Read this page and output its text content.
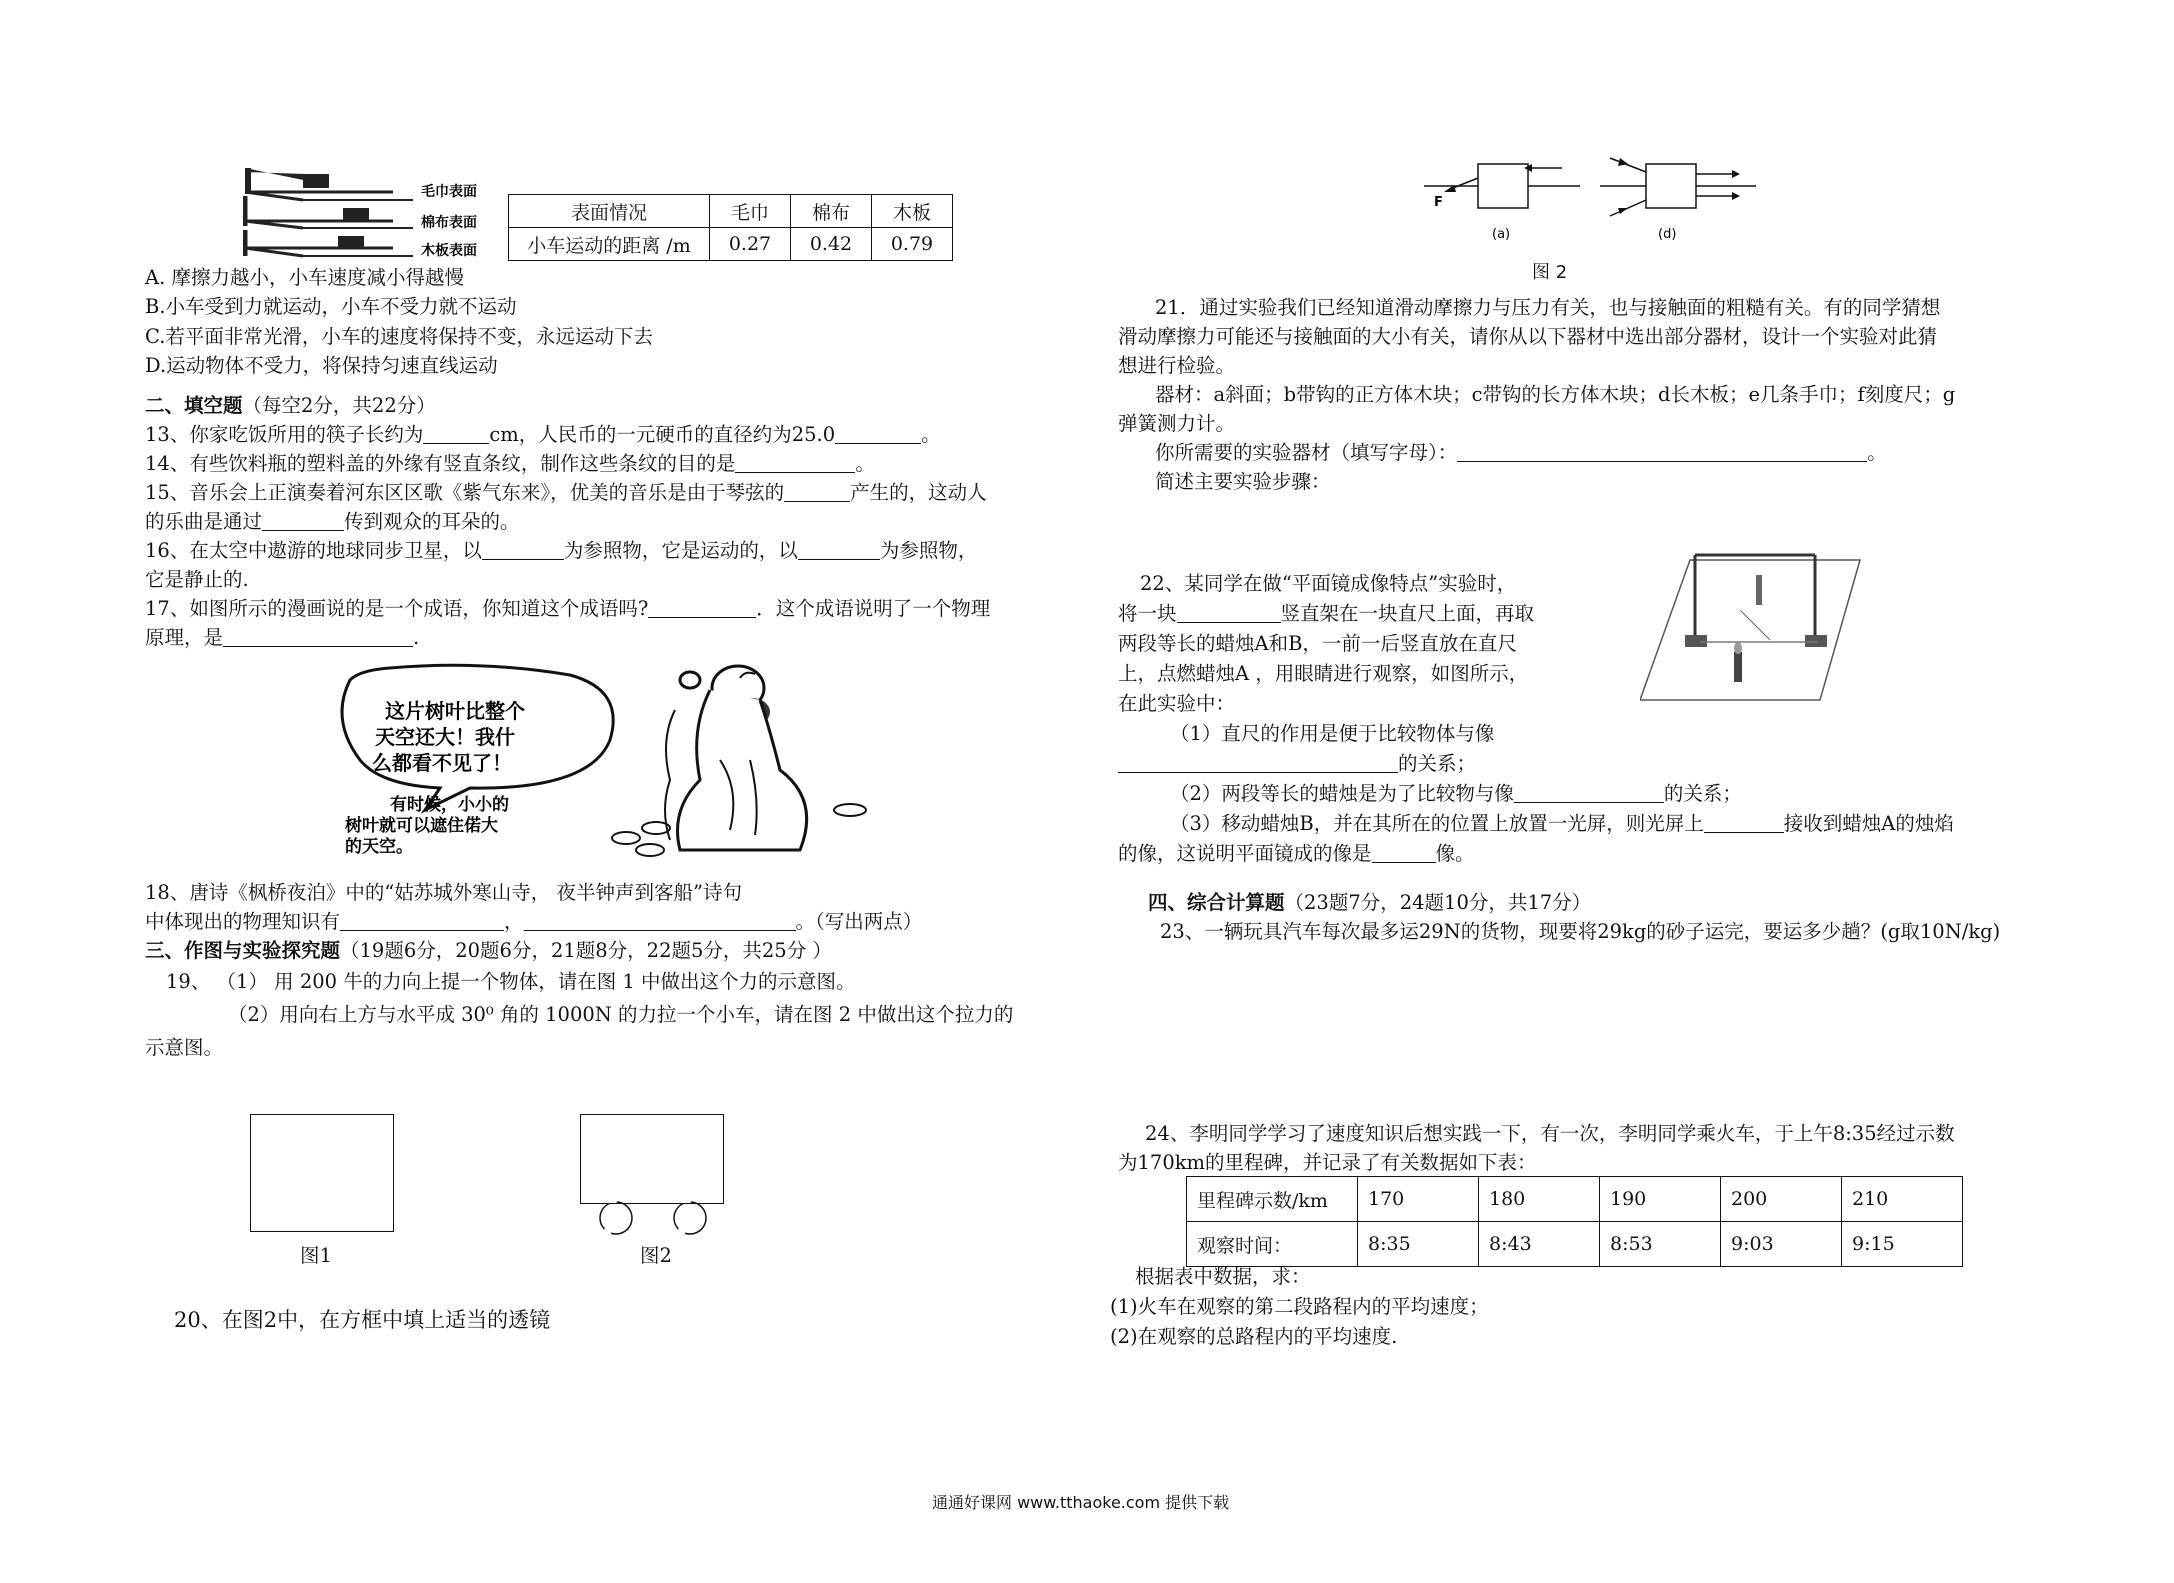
毛巾表面
棉布表面
木板表面
表面情况	毛巾	棉布	木板
小车运动的距离 /m	0.27	0.42	0.79
A. 摩擦力越小，小车速度减小得越慢
B.小车受到力就运动，小车不受力就不运动
C.若平面非常光滑，小车的速度将保持不变，永远运动下去
D.运动物体不受力，将保持匀速直线运动
二、填空题（每空2分，共22分）
13、你家吃饭所用的筷子长约为	cm，人民币的一元硬币的直径约为25.0	。
14、有些饮料瓶的塑料盖的外缘有竖直条纹，制作这些条纹的目的是	。
15、音乐会上正演奏着河东区区歌《紫气东来》，优美的音乐是由于琴弦的	产生的，这动人
的乐曲是通过	传到观众的耳朵的。
16、在太空中遨游的地球同步卫星，以	为参照物，它是运动的，以	为参照物，
它是静止的.
17、如图所示的漫画说的是一个成语，你知道这个成语吗?	．这个成语说明了一个物理
原理，是	.
这片树叶比整个
天空还大！我什
么都看不见了！
有时候，小小的
树叶就可以遮住偌大
的天空。
18、唐诗《枫桥夜泊》中的“姑苏城外寒山寺， 夜半钟声到客船”诗句
中体现出的物理知识有	，	。（写出两点）
三、作图与实验探究题（19题6分，20题6分，21题8分，22题5分，共25分 ）
19、 （1） 用 200 牛的力向上提一个物体，请在图 1 中做出这个力的示意图。
（2）用向右上方与水平成 30⁰ 角的 1000N 的力拉一个小车，请在图 2 中做出这个拉力的
示意图。
图1	图2
20、在图2中，在方框中填上适当的透镜
F
(a)	(d)
图 2
21．通过实验我们已经知道滑动摩擦力与压力有关，也与接触面的粗糙有关。有的同学猜想
滑动摩擦力可能还与接触面的大小有关，请你从以下器材中选出部分器材，设计一个实验对此猜
想进行检验。
器材：a斜面；b带钩的正方体木块；c带钩的长方体木块；d长木板；e几条手巾；f刻度尺；g
弹簧测力计。
你所需要的实验器材（填写字母）：	。
简述主要实验步骤：
22、某同学在做“平面镜成像特点”实验时，
将一块	竖直架在一块直尺上面，再取
两段等长的蜡烛A和B，一前一后竖直放在直尺
上，点燃蜡烛A ，用眼睛进行观察，如图所示，
在此实验中：
（1）直尺的作用是便于比较物体与像
的关系；
（2）两段等长的蜡烛是为了比较物与像	的关系；
（3）移动蜡烛B，并在其所在的位置上放置一光屏，则光屏上	接收到蜡烛A的烛焰
的像，这说明平面镜成的像是	像。
四、综合计算题（23题7分，24题10分，共17分）
23、一辆玩具汽车每次最多运29N的货物，现要将29kg的砂子运完，要运多少趟？(g取10N/kg)
24、李明同学学习了速度知识后想实践一下，有一次，李明同学乘火车，于上午8:35经过示数
为170km的里程碑，并记录了有关数据如下表：
里程碑示数/km	170	180	190	200	210
观察时间：	8:35	8:43	8:53	9:03	9:15
根据表中数据，求：
(1)火车在观察的第二段路程内的平均速度；
(2)在观察的总路程内的平均速度.
通通好课网 www.tthaoke.com 提供下载
